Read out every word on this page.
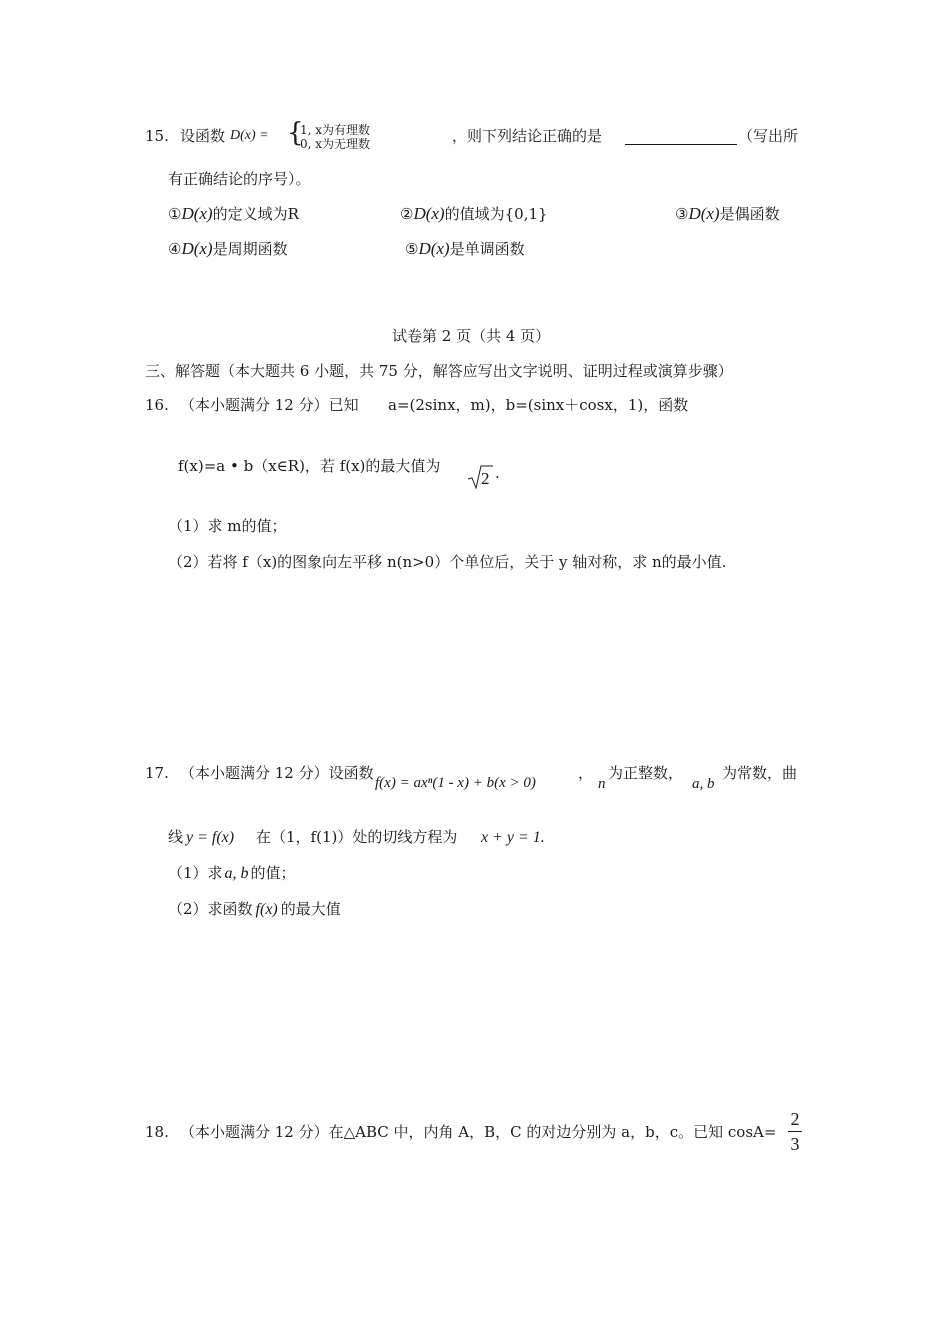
15. 设函数 D(x) = {
1, x为有理数
0, x为无理数	，则下列结论正确的是	（写出所
有正确结论的序号）。
①D(x)的定义域为R	②D(x)的值域为{0,1}	③D(x)是偶函数
④D(x)是周期函数	⑤D(x)是单调函数
试卷第 2 页（共 4 页）
三、解答题（本大题共 6 小题，共 75 分，解答应写出文字说明、证明过程或演算步骤）
16. （本小题满分 12 分）已知 a=(2sinx，m)，b=(sinx＋cosx，1)，函数
f(x)=a • b（x∈R)，若 f(x)的最大值为
2 .
（1）求 m的值；
（2）若将 f（x)的图象向左平移 n(n>0）个单位后，关于 y 轴对称，求 n的最小值.
17. （本小题满分 12 分）设函数
f(x) = axⁿ(1 - x) + b(x > 0)
，
n
为正整数，
a, b
为常数，曲
线 y = f(x) 在（1，f(1)）处的切线方程为 x + y = 1.
（1）求 a, b 的值；
（2）求函数 f(x) 的最大值
18. （本小题满分 12 分）在△ABC 中，内角 A，B，C 的对边分别为 a，b，c。已知 cosA=
2
3
